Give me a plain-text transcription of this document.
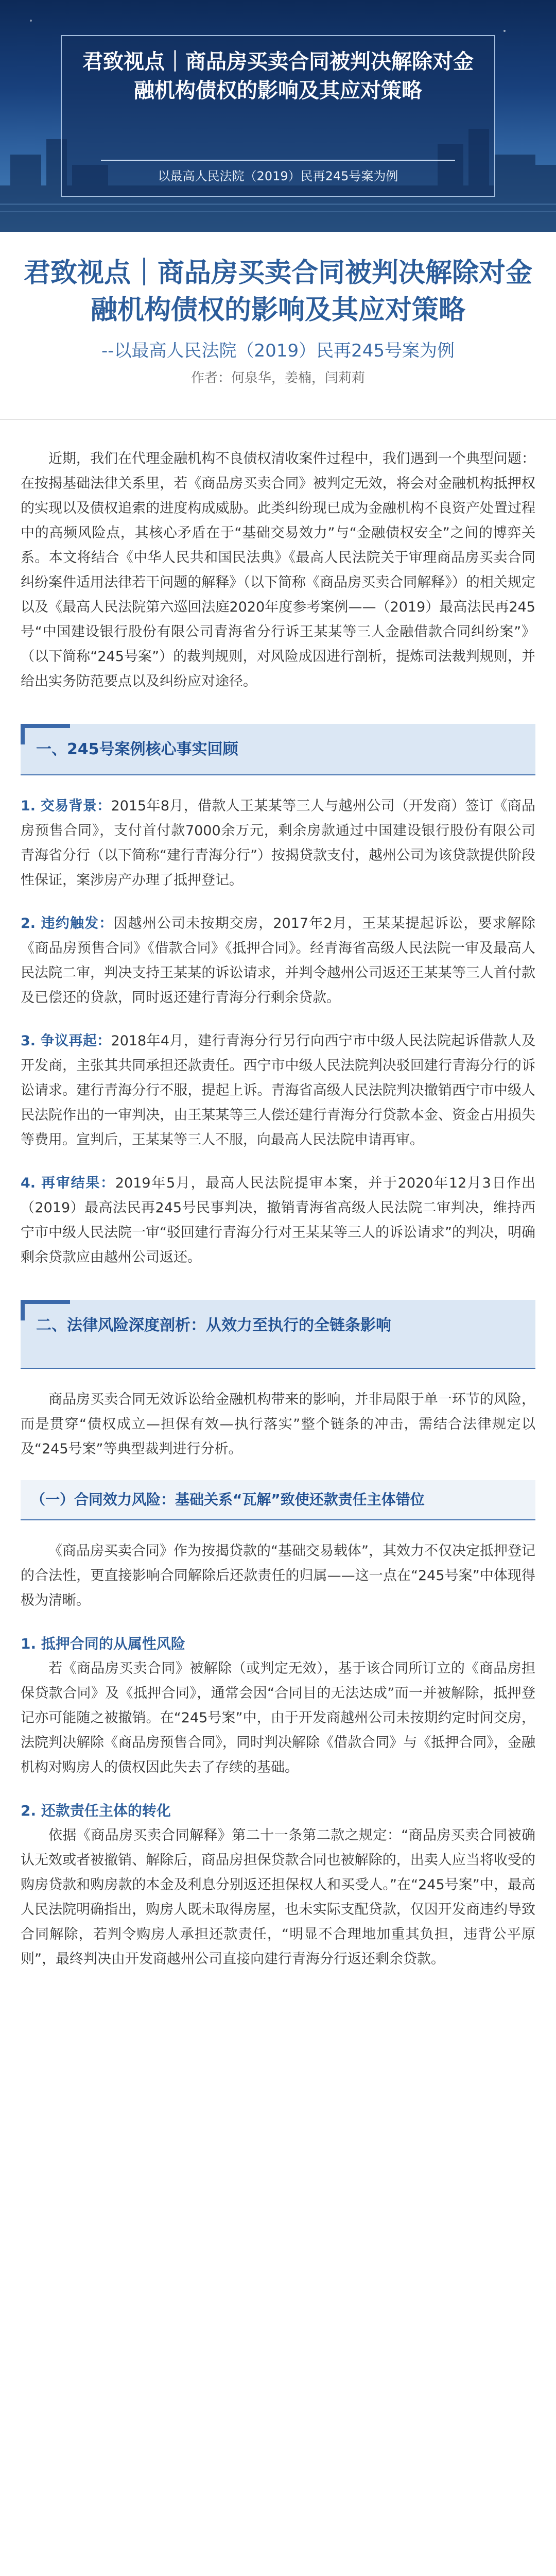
君致视点｜商品房买卖合同被判决解除对金融机构债权的影响及其应对策略
以最高人民法院（2019）民再245号案为例
君致视点｜商品房买卖合同被判决解除对金融机构债权的影响及其应对策略
--以最高人民法院（2019）民再245号案为例
作者：何泉华，姜楠，闫莉莉

近期，我们在代理金融机构不良债权清收案件过程中，我们遇到一个典型问题：在按揭基础法律关系里，若《商品房买卖合同》被判定无效，将会对金融机构抵押权的实现以及债权追索的进度构成威胁。此类纠纷现已成为金融机构不良资产处置过程中的高频风险点，其核心矛盾在于“基础交易效力”与“金融债权安全”之间的博弈关系。本文将结合《中华人民共和国民法典》《最高人民法院关于审理商品房买卖合同纠纷案件适用法律若干问题的解释》（以下简称《商品房买卖合同解释》）的相关规定以及《最高人民法院第六巡回法庭2020年度参考案例——（2019）最高法民再245号“中国建设银行股份有限公司青海省分行诉王某某等三人金融借款合同纠纷案”》（以下简称“245号案”）的裁判规则，对风险成因进行剖析，提炼司法裁判规则，并给出实务防范要点以及纠纷应对途径。

一、245号案例核心事实回顾

1. 交易背景：2015年8月，借款人王某某等三人与越州公司（开发商）签订《商品房预售合同》，支付首付款7000余万元，剩余房款通过中国建设银行股份有限公司青海省分行（以下简称“建行青海分行”）按揭贷款支付，越州公司为该贷款提供阶段性保证，案涉房产办理了抵押登记。

2. 违约触发：因越州公司未按期交房，2017年2月，王某某提起诉讼，要求解除《商品房预售合同》《借款合同》《抵押合同》。经青海省高级人民法院一审及最高人民法院二审，判决支持王某某的诉讼请求，并判令越州公司返还王某某等三人首付款及已偿还的贷款，同时返还建行青海分行剩余贷款。

3. 争议再起：2018年4月，建行青海分行另行向西宁市中级人民法院起诉借款人及开发商，主张其共同承担还款责任。西宁市中级人民法院判决驳回建行青海分行的诉讼请求。建行青海分行不服，提起上诉。青海省高级人民法院判决撤销西宁市中级人民法院作出的一审判决，由王某某等三人偿还建行青海分行贷款本金、资金占用损失等费用。宣判后，王某某等三人不服，向最高人民法院申请再审。

4. 再审结果：2019年5月，最高人民法院提审本案，并于2020年12月3日作出（2019）最高法民再245号民事判决，撤销青海省高级人民法院二审判决，维持西宁市中级人民法院一审“驳回建行青海分行对王某某等三人的诉讼请求”的判决，明确剩余贷款应由越州公司返还。

二、法律风险深度剖析：从效力至执行的全链条影响

商品房买卖合同无效诉讼给金融机构带来的影响，并非局限于单一环节的风险，而是贯穿“债权成立—担保有效—执行落实”整个链条的冲击，需结合法律规定以及“245号案”等典型裁判进行分析。

（一）合同效力风险：基础关系“瓦解”致使还款责任主体错位

《商品房买卖合同》作为按揭贷款的“基础交易载体”，其效力不仅决定抵押登记的合法性，更直接影响合同解除后还款责任的归属——这一点在“245号案”中体现得极为清晰。

1. 抵押合同的从属性风险

若《商品房买卖合同》被解除（或判定无效），基于该合同所订立的《商品房担保贷款合同》及《抵押合同》，通常会因“合同目的无法达成”而一并被解除，抵押登记亦可能随之被撤销。在“245号案”中，由于开发商越州公司未按期约定时间交房，法院判决解除《商品房预售合同》，同时判决解除《借款合同》与《抵押合同》，金融机构对购房人的债权因此失去了存续的基础。

2. 还款责任主体的转化

依据《商品房买卖合同解释》第二十一条第二款之规定：“商品房买卖合同被确认无效或者被撤销、解除后，商品房担保贷款合同也被解除的，出卖人应当将收受的购房贷款和购房款的本金及利息分别返还担保权人和买受人。”在“245号案”中，最高人民法院明确指出，购房人既未取得房屋，也未实际支配贷款，仅因开发商违约导致合同解除，若判令购房人承担还款责任，“明显不合理地加重其负担，违背公平原则”，最终判决由开发商越州公司直接向建行青海分行返还剩余贷款。
